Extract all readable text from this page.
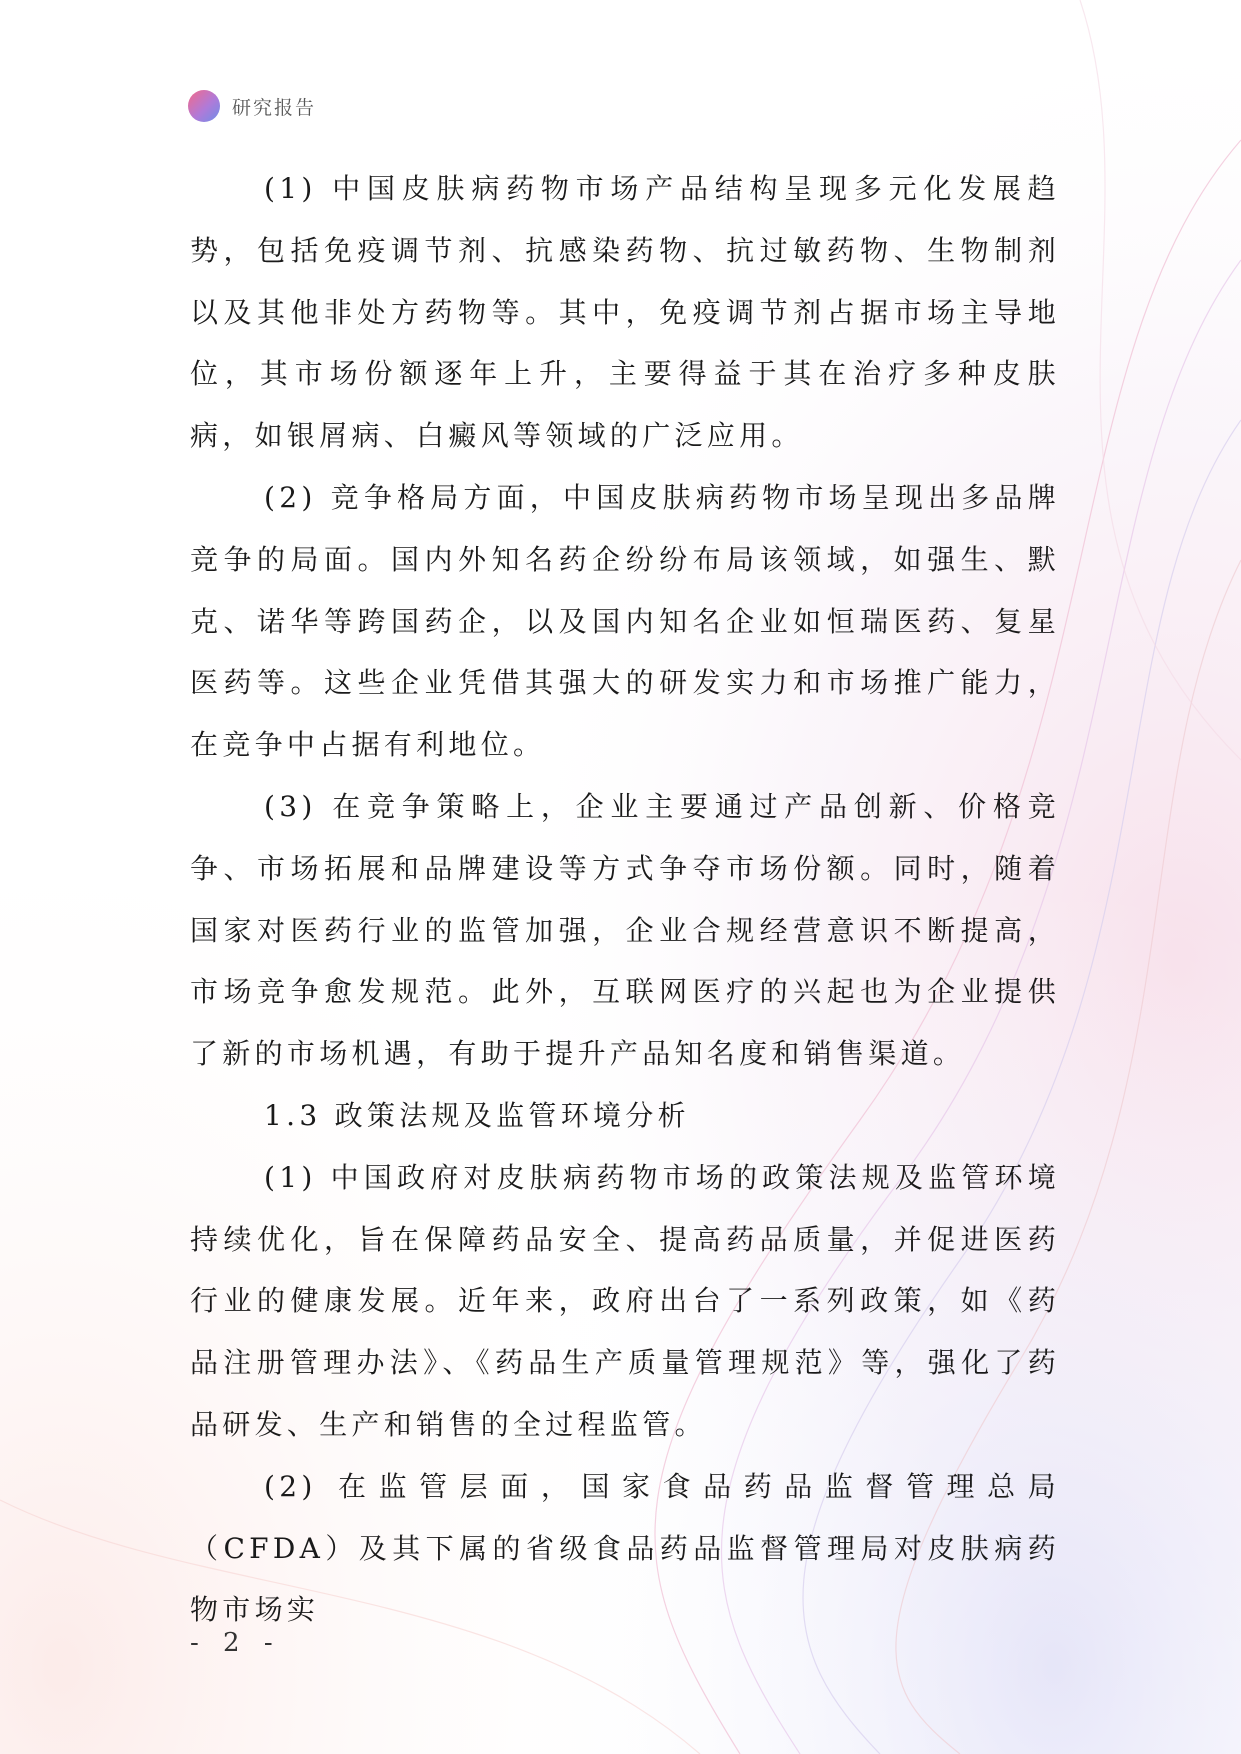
研究报告

(1) 中国皮肤病药物市场产品结构呈现多元化发展趋势，包括免疫调节剂、抗感染药物、抗过敏药物、生物制剂以及其他非处方药物等。其中，免疫调节剂占据市场主导地位，其市场份额逐年上升，主要得益于其在治疗多种皮肤病，如银屑病、白癜风等领域的广泛应用。

(2) 竞争格局方面，中国皮肤病药物市场呈现出多品牌竞争的局面。国内外知名药企纷纷布局该领域，如强生、默克、诺华等跨国药企，以及国内知名企业如恒瑞医药、复星医药等。这些企业凭借其强大的研发实力和市场推广能力，在竞争中占据有利地位。

(3) 在竞争策略上，企业主要通过产品创新、价格竞争、市场拓展和品牌建设等方式争夺市场份额。同时，随着国家对医药行业的监管加强，企业合规经营意识不断提高，市场竞争愈发规范。此外，互联网医疗的兴起也为企业提供了新的市场机遇，有助于提升产品知名度和销售渠道。

1.3 政策法规及监管环境分析

(1) 中国政府对皮肤病药物市场的政策法规及监管环境持续优化，旨在保障药品安全、提高药品质量，并促进医药行业的健康发展。近年来，政府出台了一系列政策，如《药品注册管理办法》、《药品生产质量管理规范》等，强化了药品研发、生产和销售的全过程监管。

(2) 在监管层面，国家食品药品监督管理总局（CFDA）及其下属的省级食品药品监督管理局对皮肤病药物市场实

- 2 -
